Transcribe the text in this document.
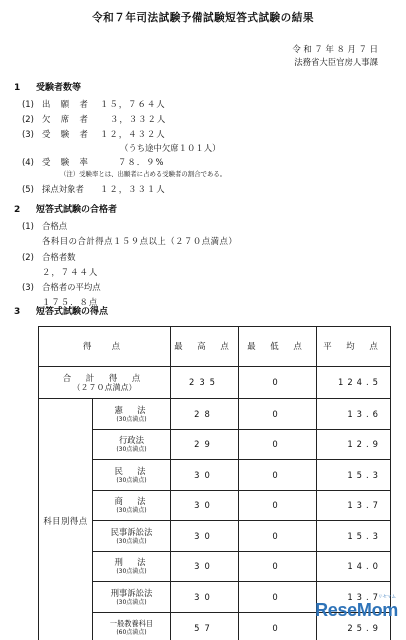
令和７年司法試験予備試験短答式試験の結果
令 和 ７ 年 ８ 月 ７ 日
法務省大臣官房人事課
1 受験者数等
(1) 出　願　者 １５，７６４人
(2) 欠　席　者	３，３３２人
(3) 受　験　者 １２，４３２人
（うち途中欠席１０１人）
(4) 受　験　率	７８．９%
（注）受験率とは、出願者に占める受験者の割合である。
(5) 採点対象者 １２，３３１人
2 短答式試験の合格者
(1) 合格点
各科目の合計得点１５９点以上（２７０点満点）
(2) 合格者数
２，７４４人
(3) 合格者の平均点
１７５．８点
3 短答式試験の得点
得　点		最 高 点	最 低 点	平 均 点

合 計 得 点
（２７０点満点）		235	0	124.5
科目別得点	憲　法
(30点満点)	28	0	13.6

	行政法
(30点満点)	29	0	12.9

	民　法
(30点満点)	30	0	15.3

	商　法
(30点満点)	30	0	13.7

	民事訴訟法
(30点満点)	30	0	15.3

	刑　法
(30点満点)	30	0	14.0

	刑事訴訟法
(30点満点)	30	0	13.7

	一般教養科目
(60点満点)	57	0	25.9
リセマム
ReseMom
